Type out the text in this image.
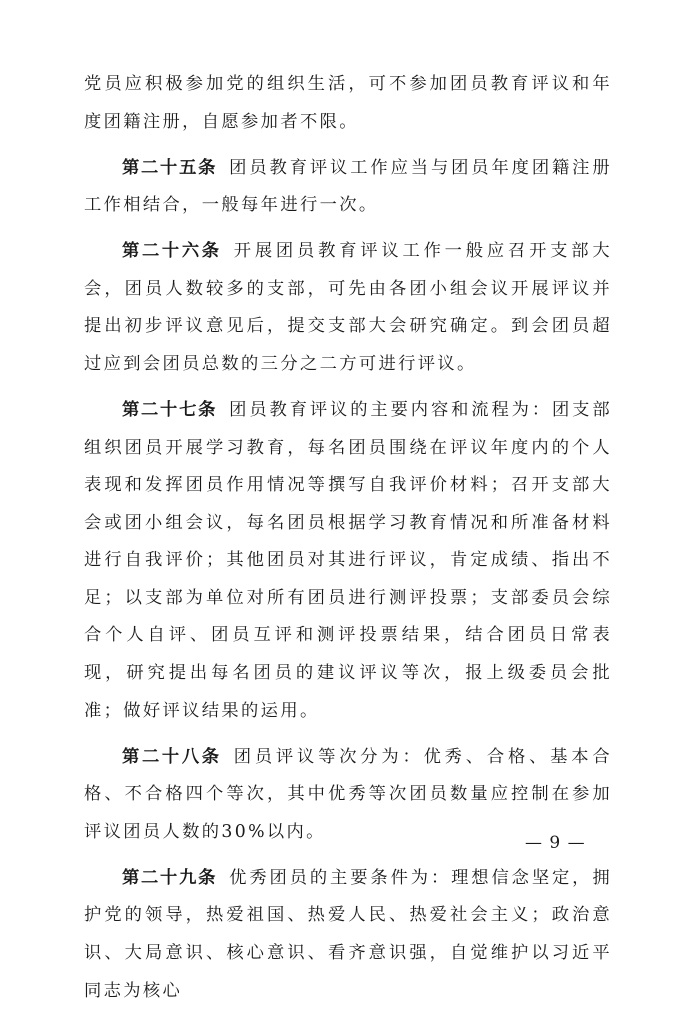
党员应积极参加党的组织生活，可不参加团员教育评议和年度团籍注册，自愿参加者不限。

第二十五条 团员教育评议工作应当与团员年度团籍注册工作相结合，一般每年进行一次。

第二十六条 开展团员教育评议工作一般应召开支部大会，团员人数较多的支部，可先由各团小组会议开展评议并提出初步评议意见后，提交支部大会研究确定。到会团员超过应到会团员总数的三分之二方可进行评议。

第二十七条 团员教育评议的主要内容和流程为：团支部组织团员开展学习教育，每名团员围绕在评议年度内的个人表现和发挥团员作用情况等撰写自我评价材料；召开支部大会或团小组会议，每名团员根据学习教育情况和所准备材料进行自我评价；其他团员对其进行评议，肯定成绩、指出不足；以支部为单位对所有团员进行测评投票；支部委员会综合个人自评、团员互评和测评投票结果，结合团员日常表现，研究提出每名团员的建议评议等次，报上级委员会批准；做好评议结果的运用。

第二十八条 团员评议等次分为：优秀、合格、基本合格、不合格四个等次，其中优秀等次团员数量应控制在参加评议团员人数的30%以内。

第二十九条 优秀团员的主要条件为：理想信念坚定，拥护党的领导，热爱祖国、热爱人民、热爱社会主义；政治意识、大局意识、核心意识、看齐意识强，自觉维护以习近平同志为核心

— 9 —
